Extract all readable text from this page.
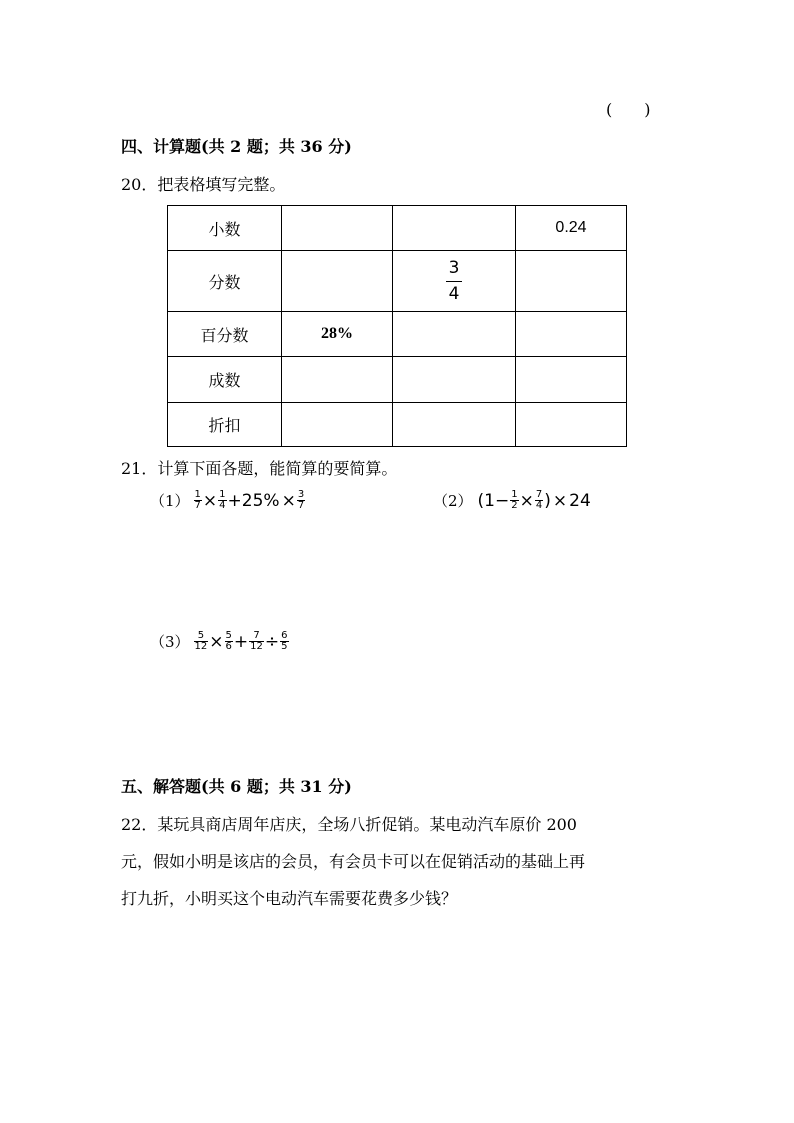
(　　)
四、计算题(共 2 题；共 36 分)
20．把表格填写完整。
小数			0.24
分数		$\frac{3}{4}$

百分数	28%		
成数			
折扣			
21．计算下面各题，能简算的要简算。
$(1) \frac{1}{7} \times \frac{1}{4} +25\% \times \frac{3}{7}$	（2） ($1- \frac{1}{2} \times \frac{7}{4}$ ) × 24
$(3) \frac{5}{12} \times \frac{5}{6} + \frac{7}{12} \div \frac{6}{5}$
五、解答题(共 6 题；共 31 分)
22．某玩具商店周年店庆，全场八折促销。某电动汽车原价 200
元，假如小明是该店的会员，有会员卡可以在促销活动的基础上再
打九折，小明买这个电动汽车需要花费多少钱？
